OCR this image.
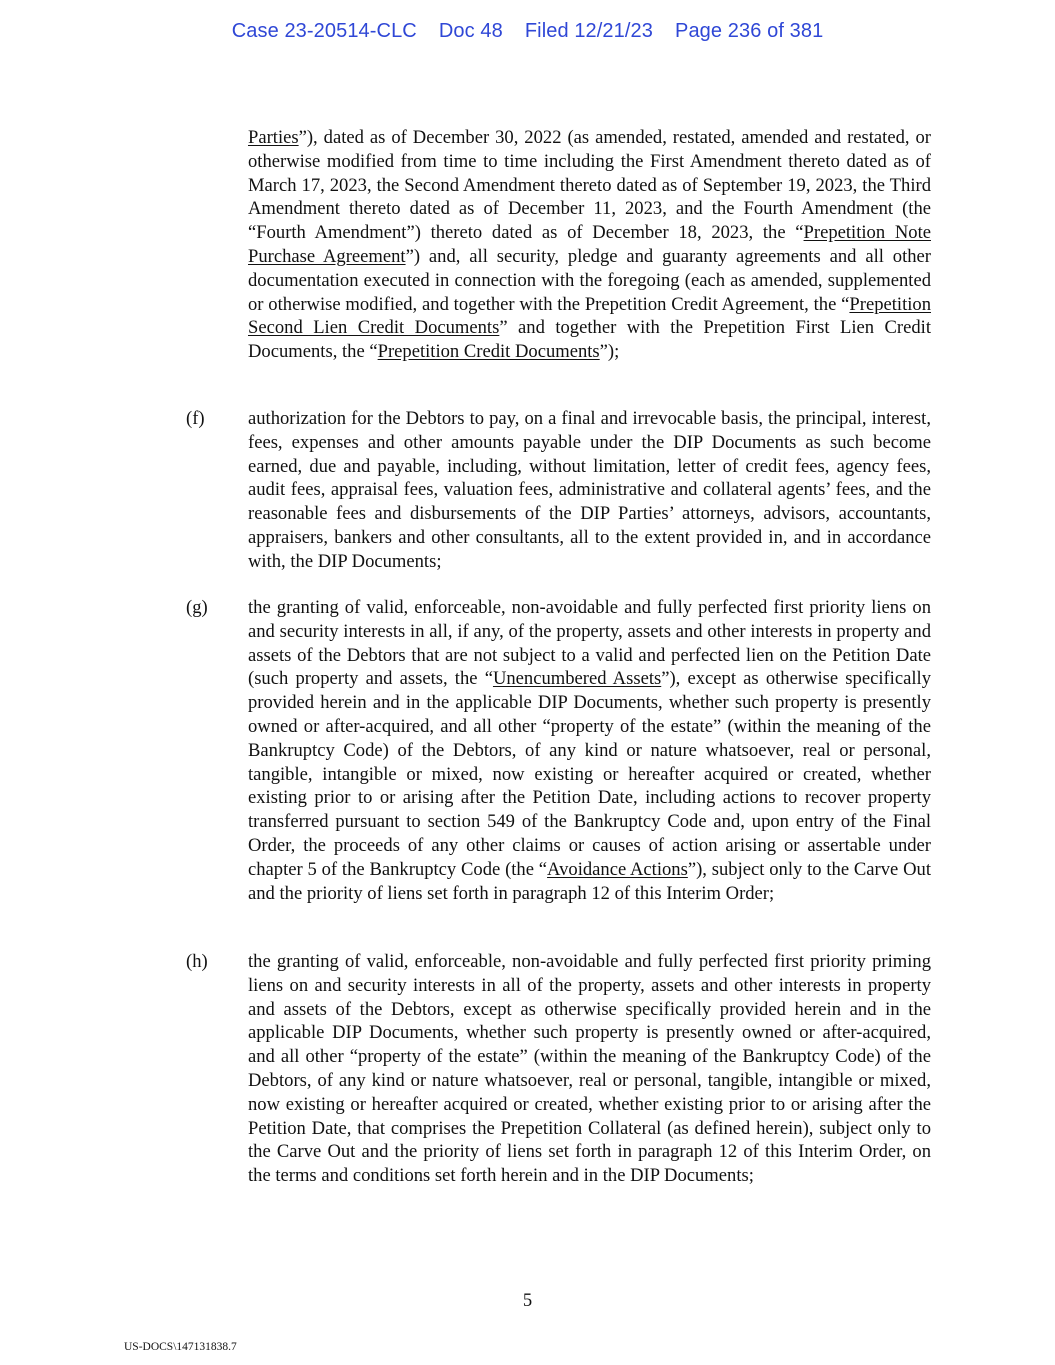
Case 23-20514-CLC Doc 48 Filed 12/21/23 Page 236 of 381
Parties”), dated as of December 30, 2022 (as amended, restated, amended and restated, or otherwise modified from time to time including the First Amendment thereto dated as of March 17, 2023, the Second Amendment thereto dated as of September 19, 2023, the Third Amendment thereto dated as of December 11, 2023, and the Fourth Amendment (the “Fourth Amendment”) thereto dated as of December 18, 2023, the “Prepetition Note Purchase Agreement”) and, all security, pledge and guaranty agreements and all other documentation executed in connection with the foregoing (each as amended, supplemented or otherwise modified, and together with the Prepetition Credit Agreement, the “Prepetition Second Lien Credit Documents” and together with the Prepetition First Lien Credit Documents, the “Prepetition Credit Documents”);
(f) authorization for the Debtors to pay, on a final and irrevocable basis, the principal, interest, fees, expenses and other amounts payable under the DIP Documents as such become earned, due and payable, including, without limitation, letter of credit fees, agency fees, audit fees, appraisal fees, valuation fees, administrative and collateral agents’ fees, and the reasonable fees and disbursements of the DIP Parties’ attorneys, advisors, accountants, appraisers, bankers and other consultants, all to the extent provided in, and in accordance with, the DIP Documents;
(g) the granting of valid, enforceable, non-avoidable and fully perfected first priority liens on and security interests in all, if any, of the property, assets and other interests in property and assets of the Debtors that are not subject to a valid and perfected lien on the Petition Date (such property and assets, the “Unencumbered Assets”), except as otherwise specifically provided herein and in the applicable DIP Documents, whether such property is presently owned or after-acquired, and all other “property of the estate” (within the meaning of the Bankruptcy Code) of the Debtors, of any kind or nature whatsoever, real or personal, tangible, intangible or mixed, now existing or hereafter acquired or created, whether existing prior to or arising after the Petition Date, including actions to recover property transferred pursuant to section 549 of the Bankruptcy Code and, upon entry of the Final Order, the proceeds of any other claims or causes of action arising or assertable under chapter 5 of the Bankruptcy Code (the “Avoidance Actions”), subject only to the Carve Out and the priority of liens set forth in paragraph 12 of this Interim Order;
(h) the granting of valid, enforceable, non-avoidable and fully perfected first priority priming liens on and security interests in all of the property, assets and other interests in property and assets of the Debtors, except as otherwise specifically provided herein and in the applicable DIP Documents, whether such property is presently owned or after-acquired, and all other “property of the estate” (within the meaning of the Bankruptcy Code) of the Debtors, of any kind or nature whatsoever, real or personal, tangible, intangible or mixed, now existing or hereafter acquired or created, whether existing prior to or arising after the Petition Date, that comprises the Prepetition Collateral (as defined herein), subject only to the Carve Out and the priority of liens set forth in paragraph 12 of this Interim Order, on the terms and conditions set forth herein and in the DIP Documents;
5
US-DOCS\147131838.7
